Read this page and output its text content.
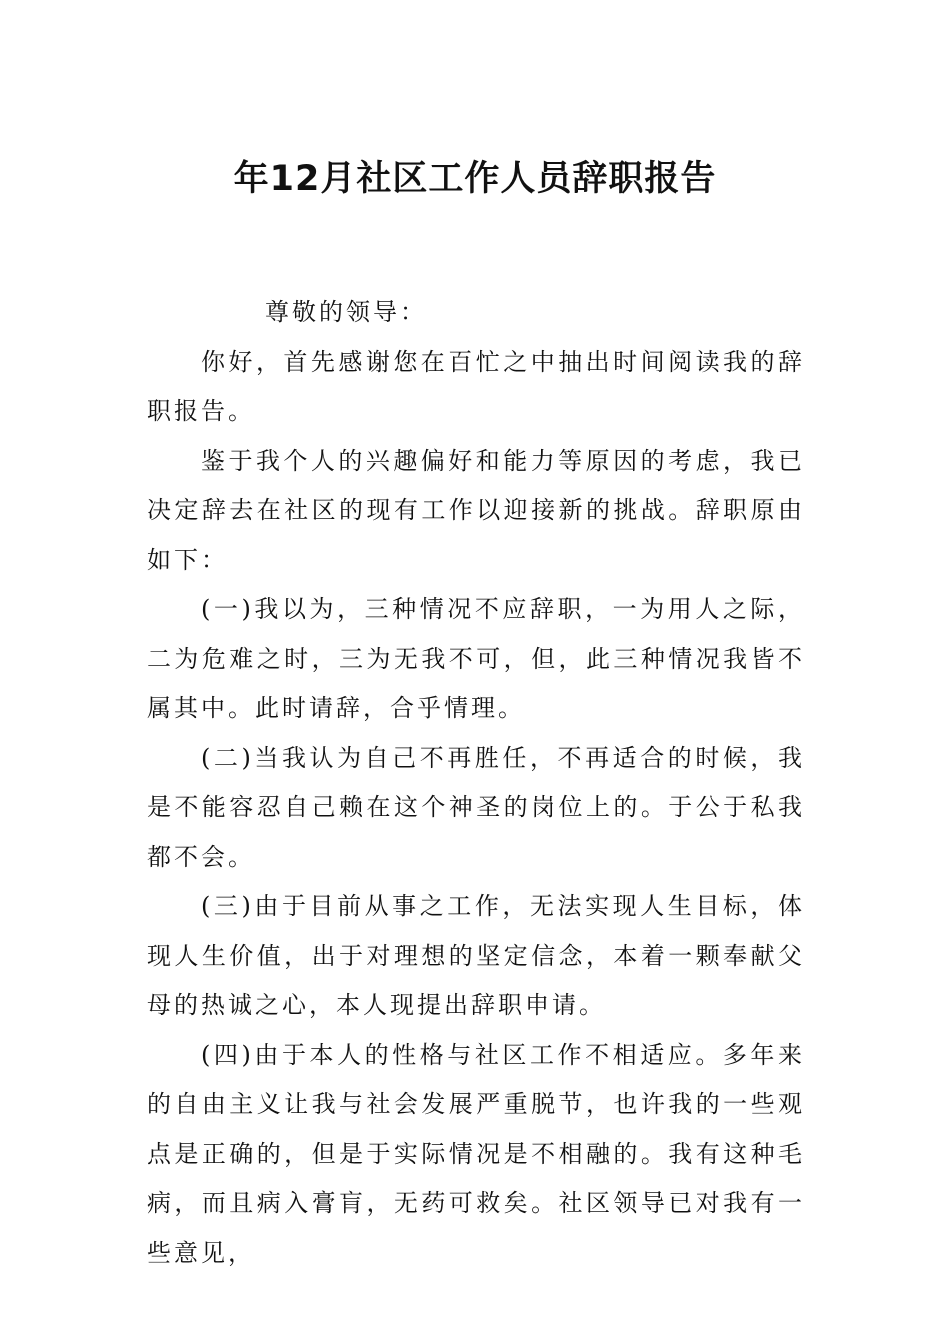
年12月社区工作人员辞职报告

尊敬的领导：

你好，首先感谢您在百忙之中抽出时间阅读我的辞职报告。

鉴于我个人的兴趣偏好和能力等原因的考虑，我已决定辞去在社区的现有工作以迎接新的挑战。辞职原由如下：

(一)我以为，三种情况不应辞职，一为用人之际，二为危难之时，三为无我不可，但，此三种情况我皆不属其中。此时请辞，合乎情理。

(二)当我认为自己不再胜任，不再适合的时候，我是不能容忍自己赖在这个神圣的岗位上的。于公于私我都不会。

(三)由于目前从事之工作，无法实现人生目标，体现人生价值，出于对理想的坚定信念，本着一颗奉献父母的热诚之心，本人现提出辞职申请。

(四)由于本人的性格与社区工作不相适应。多年来的自由主义让我与社会发展严重脱节，也许我的一些观点是正确的，但是于实际情况是不相融的。我有这种毛病，而且病入膏肓，无药可救矣。社区领导已对我有一些意见，
